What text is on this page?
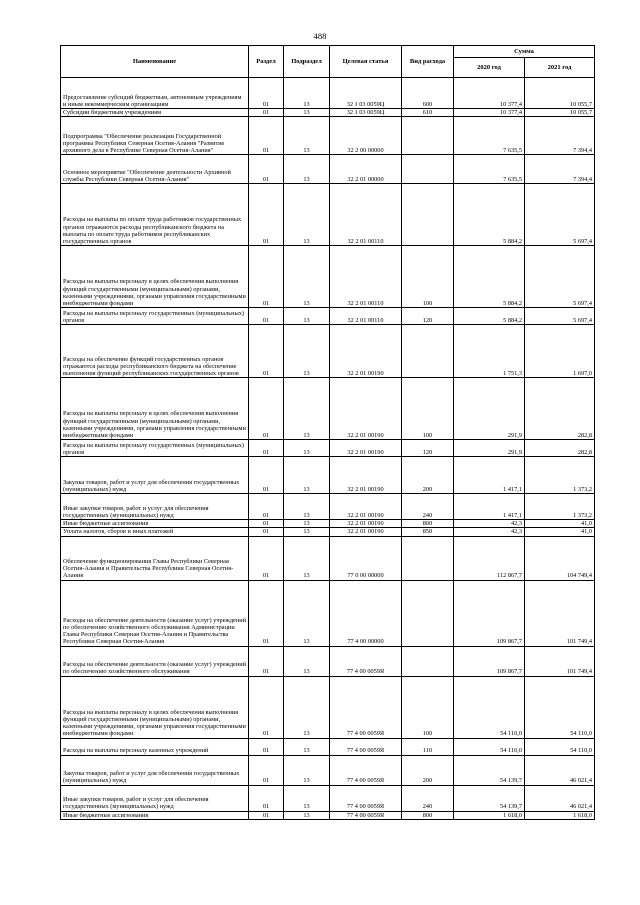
488
Наименование	Раздел	Подраздел	Целевая статья	Вид расхода	Сумма	
					2020 год	2021 год
Предоставление субсидий бюджетным, автономным учреждениям и иным некоммерческим организациям	01	13	32 1 03 0059Ц	600	10 377,4	10 055,7
Субсидии бюджетным учреждениям	01	13	32 1 03 0059Ц	610	10 377,4	10 055,7
Подпрограмма "Обеспечение реализации Государственной программы Республики Северная Осетия-Алания "Развитие архивного дела в Республике Северная Осетия-Алания"	01	13	32 2 00 00000		7 635,5	7 394,4
Основное мероприятие "Обеспечение деятельности Архивной службы Республики Северная Осетия-Алания"	01	13	32 2 01 00000		7 635,5	7 394,4
Расходы на выплаты по оплате труда работников государственных органов отражаются расходы республиканского бюджета на выплаты по оплате труда работников республиканских государственных органов	01	13	32 2 01 00110		5 884,2	5 697,4
Расходы на выплаты персоналу в целях обеспечения выполнения функций государственными (муниципальными) органами, казенными учреждениями, органами управления государственными внебюджетными фондами	01	13	32 2 01 00110	100	5 884,2	5 697,4
Расходы на выплаты персоналу государственных (муниципальных) органов	01	13	32 2 01 00110	120	5 884,2	5 697,4
Расходы на обеспечение функций государственных органов отражаются расходы республиканского бюджета на обеспечение выполнения функций республиканских государственных органов	01	13	32 2 01 00190		1 751,3	1 697,0
Расходы на выплаты персоналу в целях обеспечения выполнения функций государственными (муниципальными) органами, казенными учреждениями, органами управления государственными внебюджетными фондами	01	13	32 2 01 00190	100	291,9	282,8
Расходы на выплаты персоналу государственных (муниципальных) органов	01	13	32 2 01 00190	120	291,9	282,8
Закупка товаров, работ и услуг для обеспечения государственных (муниципальных) нужд	01	13	32 2 01 00190	200	1 417,1	1 373,2
Иные закупки товаров, работ и услуг для обеспечения государственных (муниципальных) нужд	01	13	32 2 01 00190	240	1 417,1	1 373,2
Иные бюджетные ассигнования	01	13	32 2 01 00190	800	42,3	41,0
Уплата налогов, сборов и иных платежей	01	13	32 2 01 00190	850	42,3	41,0
Обеспечение функционирования Главы Республики Северная Осетия-Алания и Правительства Республики Северная Осетия-Алания	01	13	77 0 00 00000		112 867,7	104 749,4
Расходы на обеспечение деятельности (оказание услуг) учреждений по обеспечению хозяйственного обслуживания Администрации Главы Республики Северная Осетия-Алания и Правительства Республики Северная Осетия-Алания	01	13	77 4 00 00000		109 867,7	101 749,4
Расходы на обеспечение деятельности (оказание услуг) учреждений по обеспечению хозяйственного обслуживания	01	13	77 4 00 0059Я		109 867,7	101 749,4
Расходы на выплаты персоналу в целях обеспечения выполнения функций государственными (муниципальными) органами, казенными учреждениями, органами управления государственными внебюджетными фондами	01	13	77 4 00 0059Я	100	54 110,0	54 110,0
Расходы на выплаты персоналу казенных учреждений	01	13	77 4 00 0059Я	110	54 110,0	54 110,0
Закупка товаров, работ и услуг для обеспечения государственных (муниципальных) нужд	01	13	77 4 00 0059Я	200	54 139,7	46 021,4
Иные закупки товаров, работ и услуг для обеспечения государственных (муниципальных) нужд	01	13	77 4 00 0059Я	240	54 139,7	46 021,4
Иные бюджетные ассигнования	01	13	77 4 00 0059Я	800	1 618,0	1 618,0
